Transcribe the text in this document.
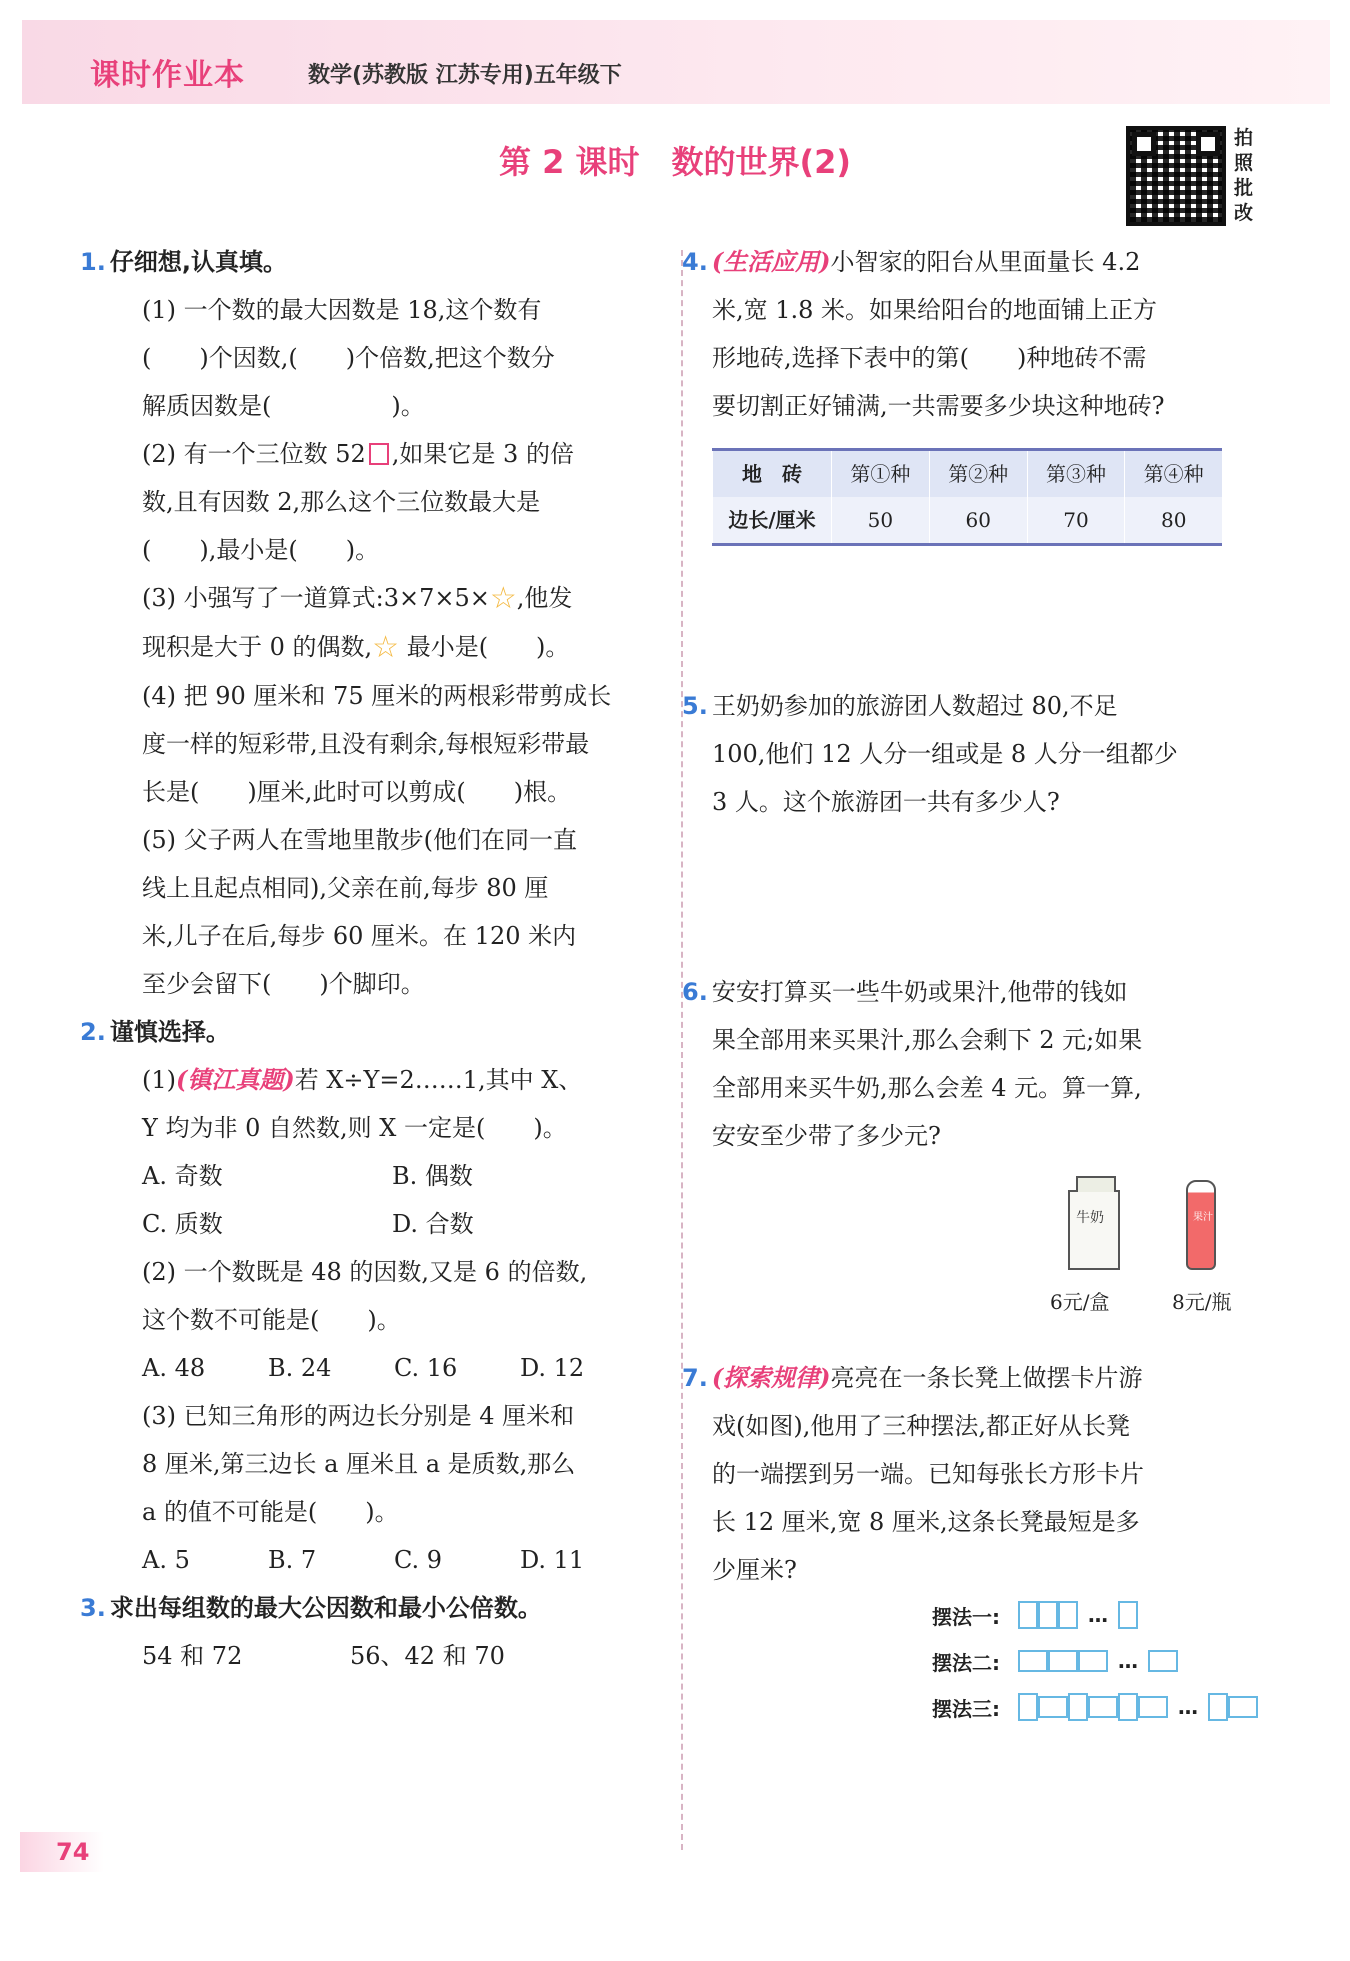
课时作业本	数学(苏教版 江苏专用)五年级下
第 2 课时　数的世界(2)
拍
照
批
改

1. 仔细想,认真填。

(1) 一个数的最大因数是 18,这个数有

(　　)个因数,(　　)个倍数,把这个数分

解质因数是(　　　　　)。

(2) 有一个三位数 52 ,如果它是 3 的倍

数,且有因数 2,那么这个三位数最大是

(　　),最小是(　　)。

(3) 小强写了一道算式:3×7×5×☆,他发

现积是大于 0 的偶数,☆ 最小是(　　)。

(4) 把 90 厘米和 75 厘米的两根彩带剪成长

度一样的短彩带,且没有剩余,每根短彩带最

长是(　　)厘米,此时可以剪成(　　)根。

(5) 父子两人在雪地里散步(他们在同一直

线上且起点相同),父亲在前,每步 80 厘

米,儿子在后,每步 60 厘米。在 120 米内

至少会留下(　　)个脚印。

2. 谨慎选择。

(1)(镇江真题)若 X÷Y=2……1,其中 X、

Y 均为非 0 自然数,则 X 一定是(　　)。

A. 奇数	B. 偶数
C. 质数	D. 合数

(2) 一个数既是 48 的因数,又是 6 的倍数,

这个数不可能是(　　)。

A. 48	B. 24	C. 16	D. 12

(3) 已知三角形的两边长分别是 4 厘米和

8 厘米,第三边长 a 厘米且 a 是质数,那么

a 的值不可能是(　　)。

A. 5	B. 7	C. 9	D. 11

3. 求出每组数的最大公因数和最小公倍数。

54 和 72	56、42 和 70

4. (生活应用)小智家的阳台从里面量长 4.2

米,宽 1.8 米。如果给阳台的地面铺上正方

形地砖,选择下表中的第(　　)种地砖不需

要切割正好铺满,一共需要多少块这种地砖?

地　砖	第①种	第②种	第③种	第④种
边长/厘米	50	60	70	80

5. 王奶奶参加的旅游团人数超过 80,不足

100,他们 12 人分一组或是 8 人分一组都少

3 人。这个旅游团一共有多少人?

6. 安安打算买一些牛奶或果汁,他带的钱如

果全部用来买果汁,那么会剩下 2 元;如果

全部用来买牛奶,那么会差 4 元。算一算,

安安至少带了多少元?

牛奶	果汁
6元/盒	8元/瓶

7. (探索规律)亮亮在一条长凳上做摆卡片游

戏(如图),他用了三种摆法,都正好从长凳

的一端摆到另一端。已知每张长方形卡片

长 12 厘米,宽 8 厘米,这条长凳最短是多

少厘米?

摆法一:	…
摆法二:	…
摆法三:	…
74
